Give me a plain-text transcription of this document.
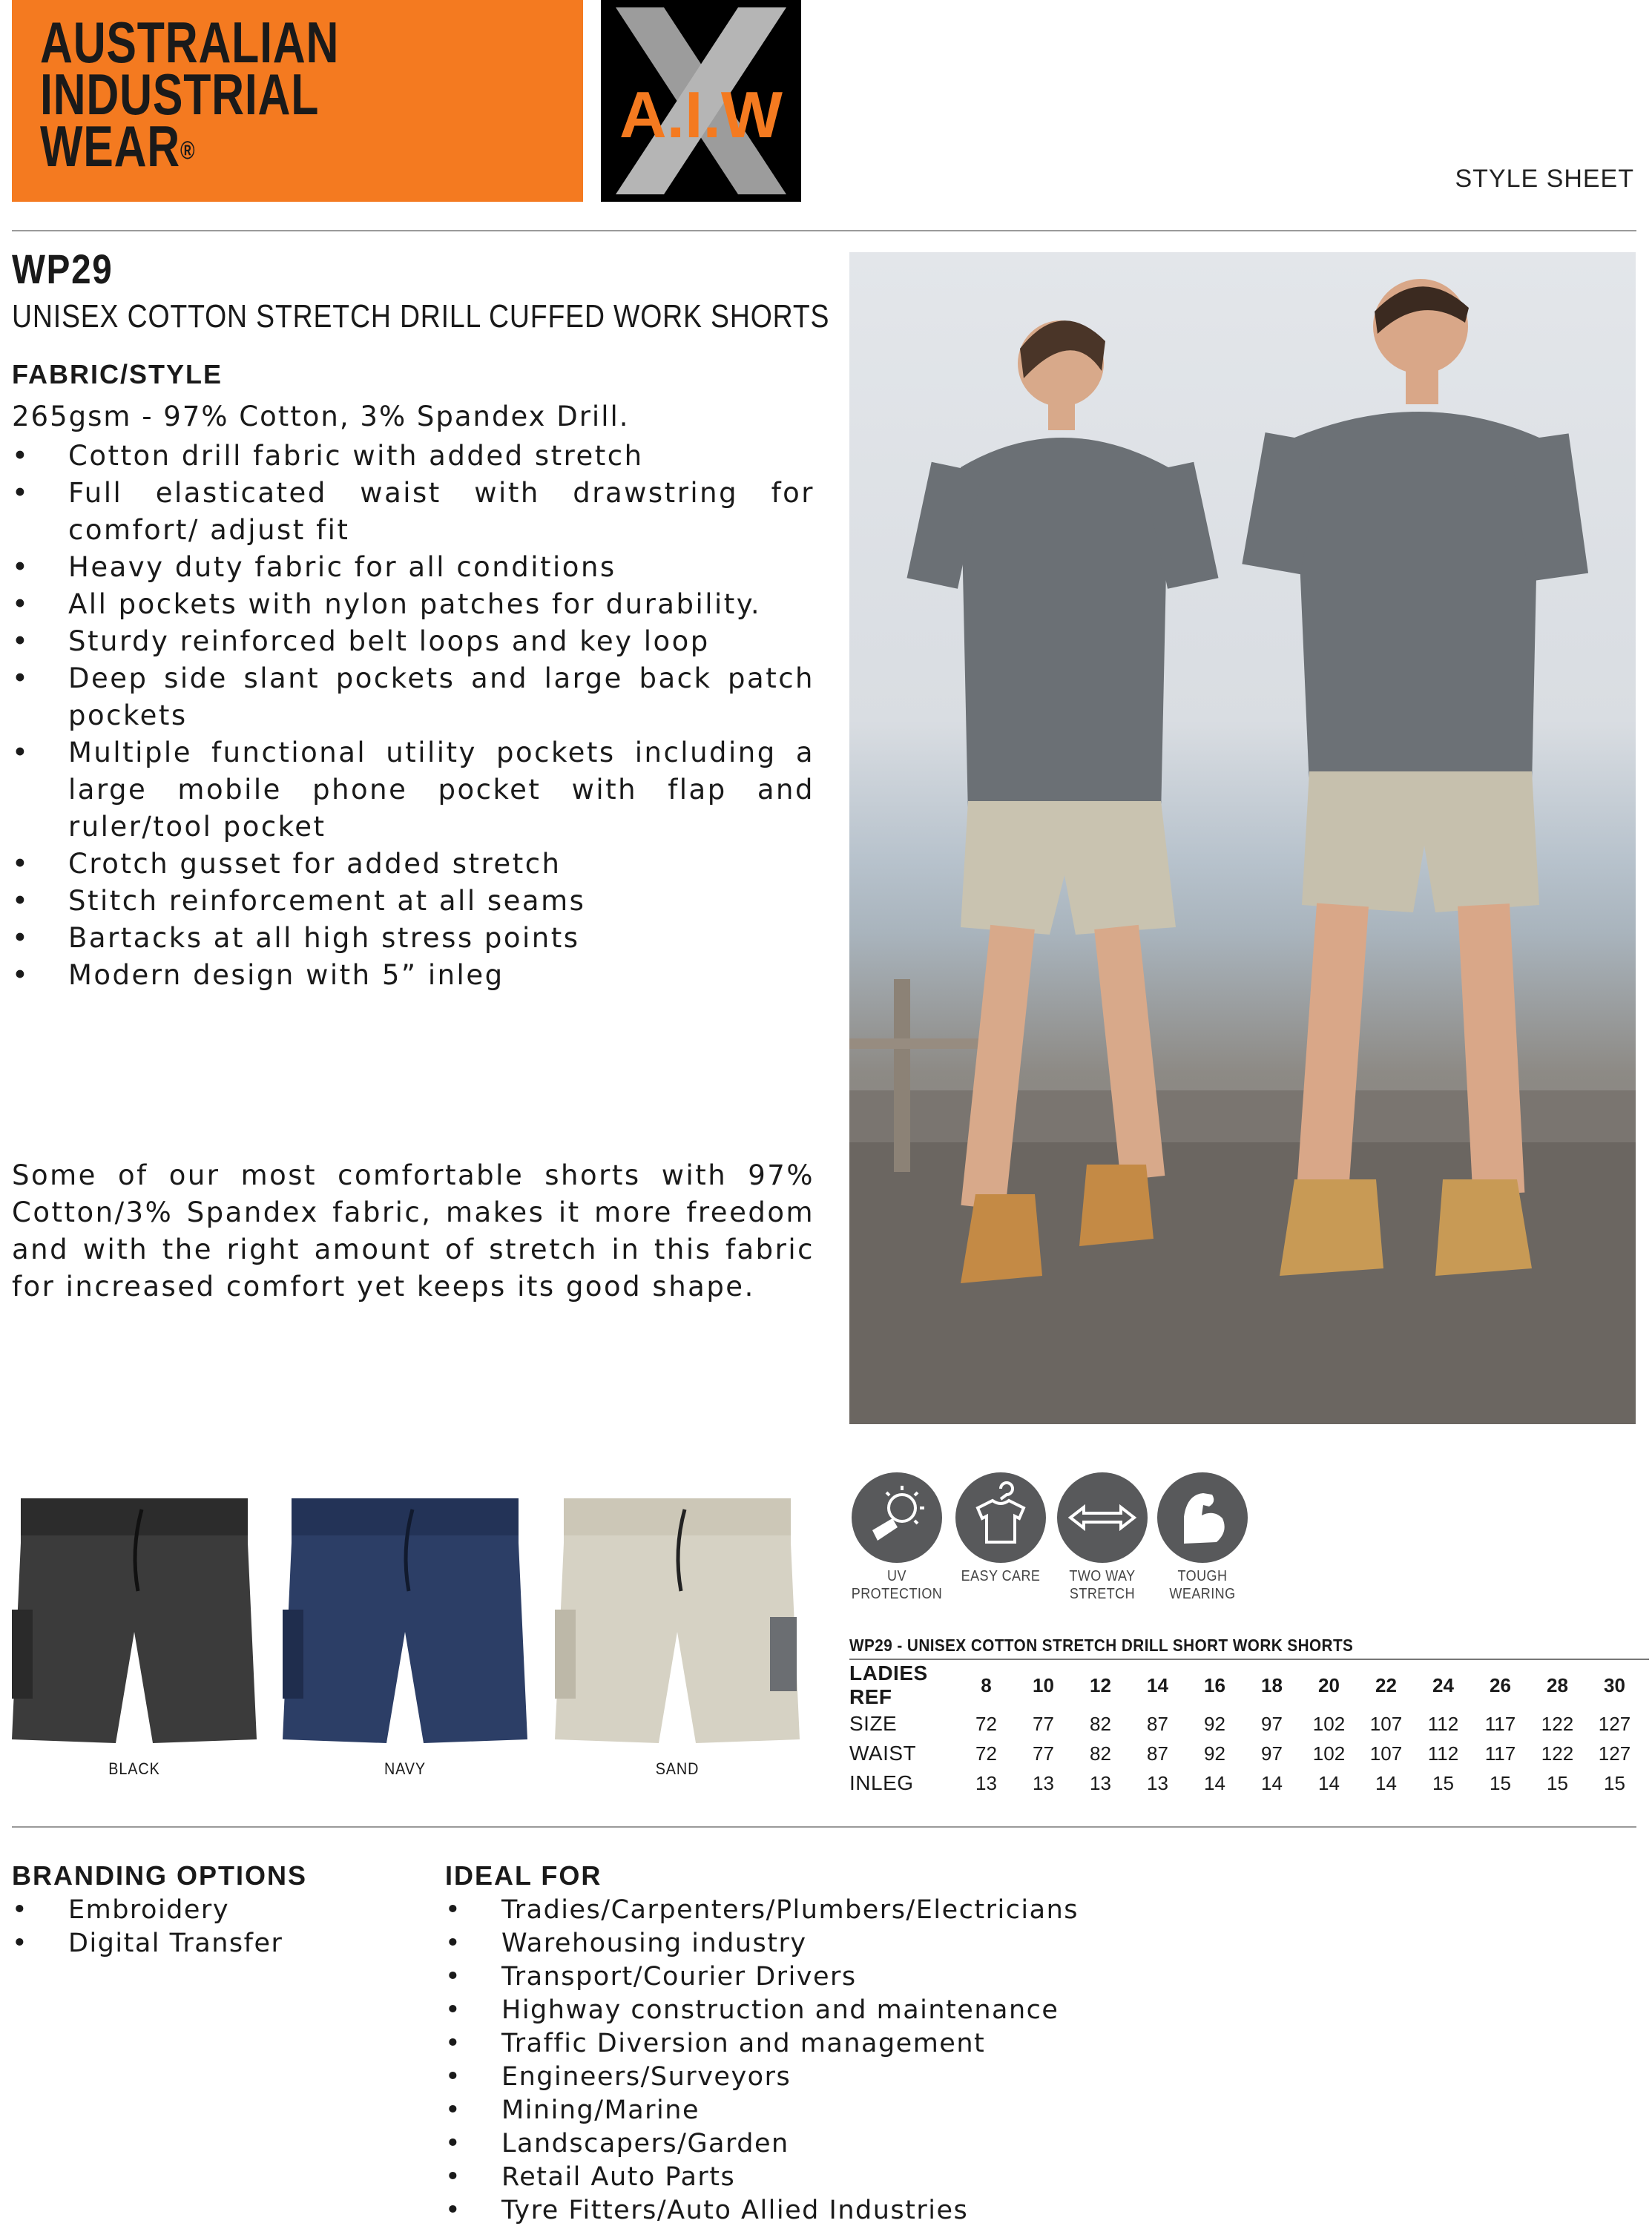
AUSTRALIAN
INDUSTRIAL
WEAR®	A.I.W
STYLE SHEET
WP29
UNISEX COTTON STRETCH DRILL CUFFED WORK SHORTS
FABRIC/STYLE
265gsm - 97% Cotton, 3% Spandex Drill.
• Cotton drill fabric with added stretch
• Full elasticated waist with drawstring for comfort/ adjust fit
• Heavy duty fabric for all conditions
• All pockets with nylon patches for durability.
• Sturdy reinforced belt loops and key loop
• Deep side slant pockets and large back patch pockets
• Multiple functional utility pockets including a large mobile phone pocket with flap and ruler/tool pocket
• Crotch gusset for added stretch
• Stitch reinforcement at all seams
• Bartacks at all high stress points
• Modern design with 5” inleg
Some of our most comfortable shorts with 97% Cotton/3% Spandex fabric, makes it more freedom and with the right amount of stretch in this fabric for increased comfort yet keeps its good shape.
BLACK	NAVY	SAND
UV PROTECTION
EASY CARE	TWO WAY STRETCH
TOUGH WEARING
WP29 - UNISEX COTTON STRETCH DRILL SHORT WORK SHORTS
LADIES REF	8	10	12	14	16	18	20	22	24	26	28	30
SIZE	72	77	82	87	92	97	102	107	112	117	122	127
WAIST	72	77	82	87	92	97	102	107	112	117	122	127
INLEG	13	13	13	13	14	14	14	14	15	15	15	15
BRANDING OPTIONS
• Embroidery
• Digital Transfer
IDEAL FOR
• Tradies/Carpenters/Plumbers/Electricians
• Warehousing industry
• Transport/Courier Drivers
• Highway construction and maintenance
• Traffic Diversion and management
• Engineers/Surveyors
• Mining/Marine
• Landscapers/Garden
• Retail Auto Parts
• Tyre Fitters/Auto Allied Industries
